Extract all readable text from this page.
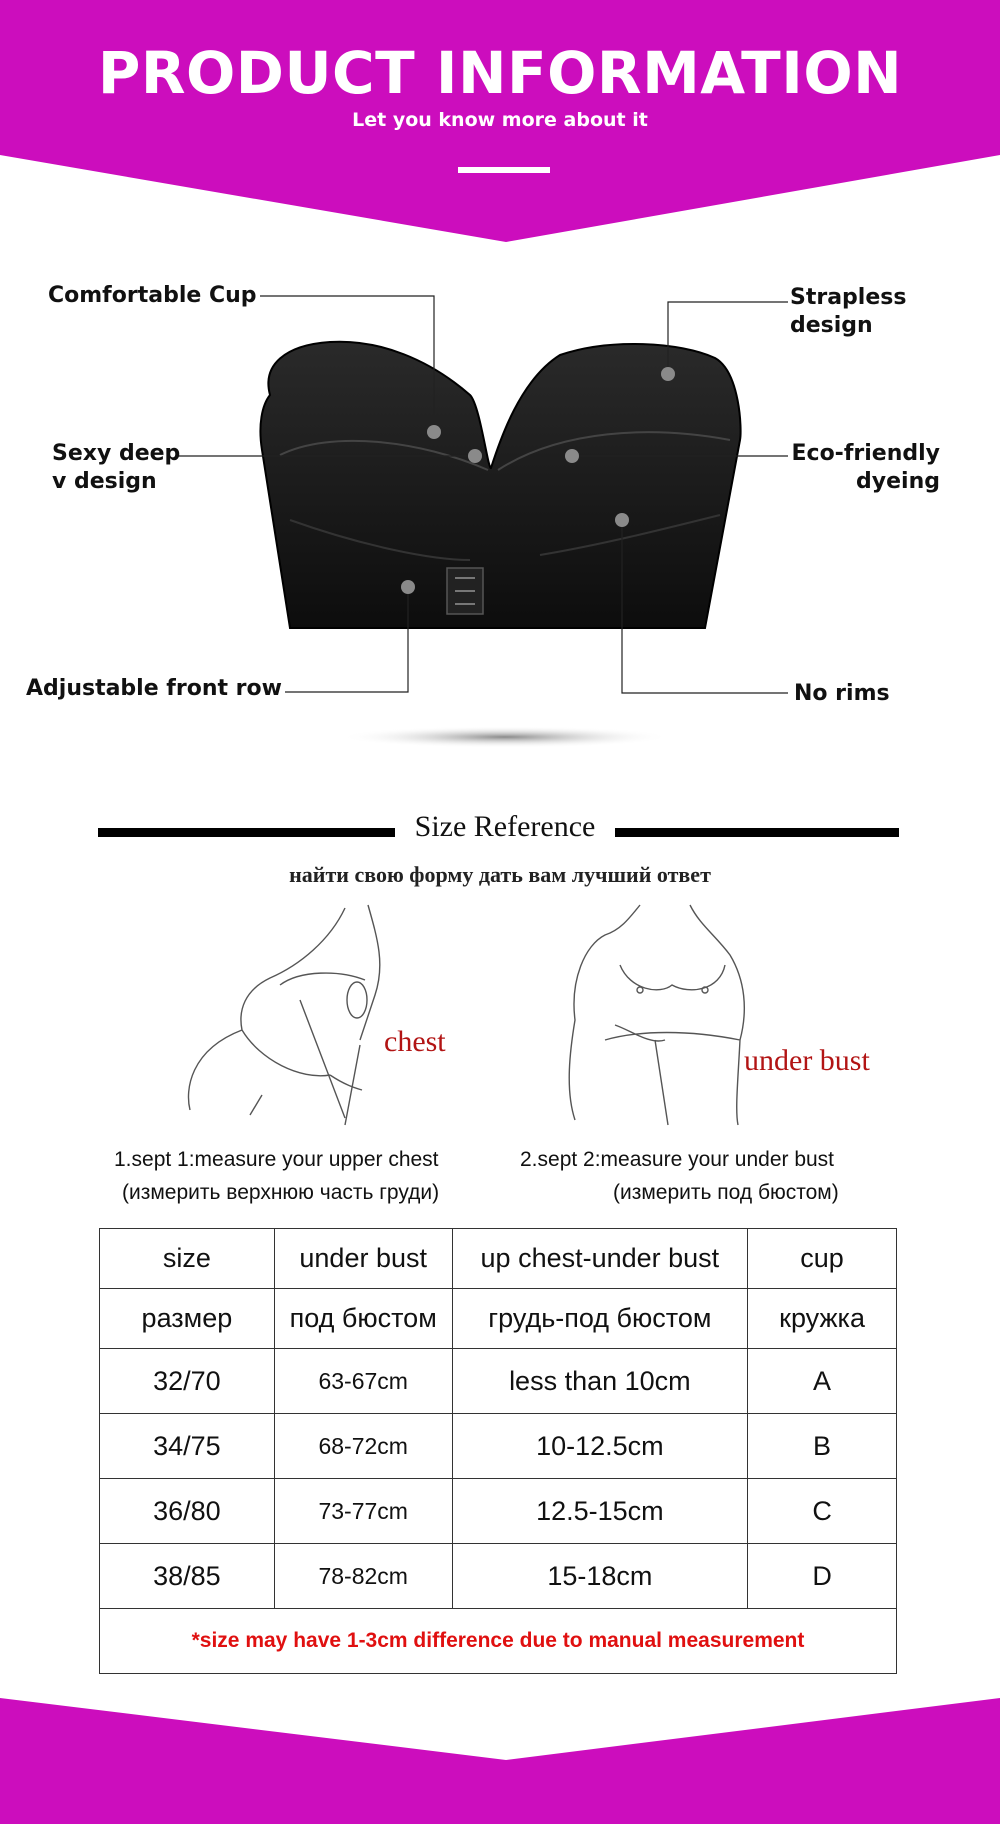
PRODUCT INFORMATION
Let you know more about it
Comfortable Cup	Strapless
design
Sexy deep
v design
Eco-friendly
dyeing
Adjustable front row	No rims
Size Reference
найти свою форму дать вам лучший ответ
chest
under bust
1.sept 1:measure your upper chest
(измерить верхнюю часть груди)
2.sept 2:measure your under bust
(измерить под бюстом)
size	under bust	up chest-under bust	cup
размер	под бюстом	грудь-под бюстом	кружка
32/70	63-67cm	less than 10cm	A
34/75	68-72cm	10-12.5cm	B
36/80	73-77cm	12.5-15cm	C
38/85	78-82cm	15-18cm	D
*size may have 1-3cm difference due to manual measurement			
